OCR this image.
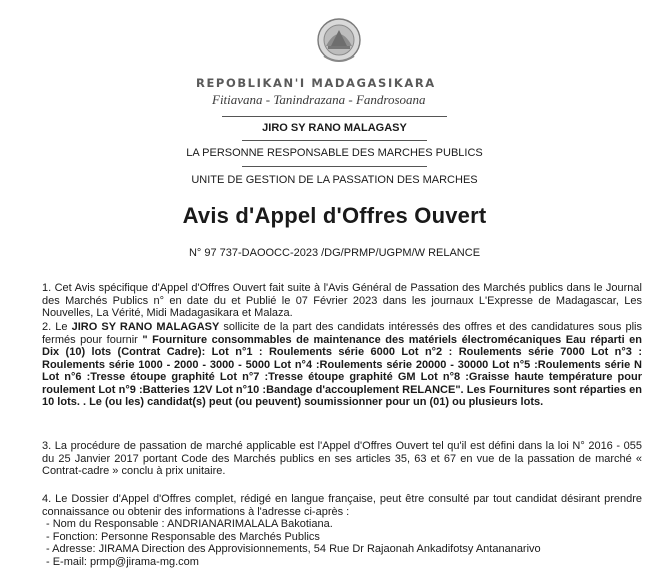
REPOBLIKAN'I MADAGASIKARA
Fitiavana - Tanindrazana - Fandrosoana
JIRO SY RANO MALAGASY
LA PERSONNE RESPONSABLE DES MARCHES PUBLICS
UNITE DE GESTION DE LA PASSATION DES MARCHES
Avis d'Appel d'Offres Ouvert
N° 97 737-DAOOCC-2023 /DG/PRMP/UGPM/W RELANCE
1. Cet Avis spécifique d'Appel d'Offres Ouvert fait suite à l'Avis Général de Passation des Marchés publics dans le Journal des Marchés Publics n° en date du et Publié le 07 Février 2023 dans les journaux L'Expresse de Madagascar, Les Nouvelles, La Vérité, Midi Madagasikara et Malaza.
2. Le JIRO SY RANO MALAGASY sollicite de la part des candidats intéressés des offres et des candidatures sous plis fermés pour fournir " Fourniture consommables de maintenance des matériels électromécaniques Eau réparti en Dix (10) lots (Contrat Cadre): Lot n°1 : Roulements série 6000 Lot n°2 : Roulements série 7000 Lot n°3 : Roulements série 1000 - 2000 - 3000 - 5000 Lot n°4 :Roulements série 20000 - 30000 Lot n°5 :Roulements série N Lot n°6 :Tresse étoupe graphité Lot n°7 :Tresse étoupe graphité GM Lot n°8 :Graisse haute température pour roulement Lot n°9 :Batteries 12V Lot n°10 :Bandage d'accouplement RELANCE". Les Fournitures sont réparties en 10 lots. . Le (ou les) candidat(s) peut (ou peuvent) soumissionner pour un (01) ou plusieurs lots.
3. La procédure de passation de marché applicable est l'Appel d'Offres Ouvert tel qu'il est défini dans la loi N° 2016 - 055 du 25 Janvier 2017 portant Code des Marchés publics en ses articles 35, 63 et 67 en vue de la passation de marché « Contrat-cadre » conclu à prix unitaire.
4. Le Dossier d'Appel d'Offres complet, rédigé en langue française, peut être consulté par tout candidat désirant prendre connaissance ou obtenir des informations à l'adresse ci-après :
- Nom du Responsable : ANDRIANARIMALALA Bakotiana.
- Fonction: Personne Responsable des Marchés Publics
- Adresse: JIRAMA Direction des Approvisionnements, 54 Rue Dr Rajaonah Ankadifotsy Antananarivo
- E-mail: prmp@jirama-mg.com
